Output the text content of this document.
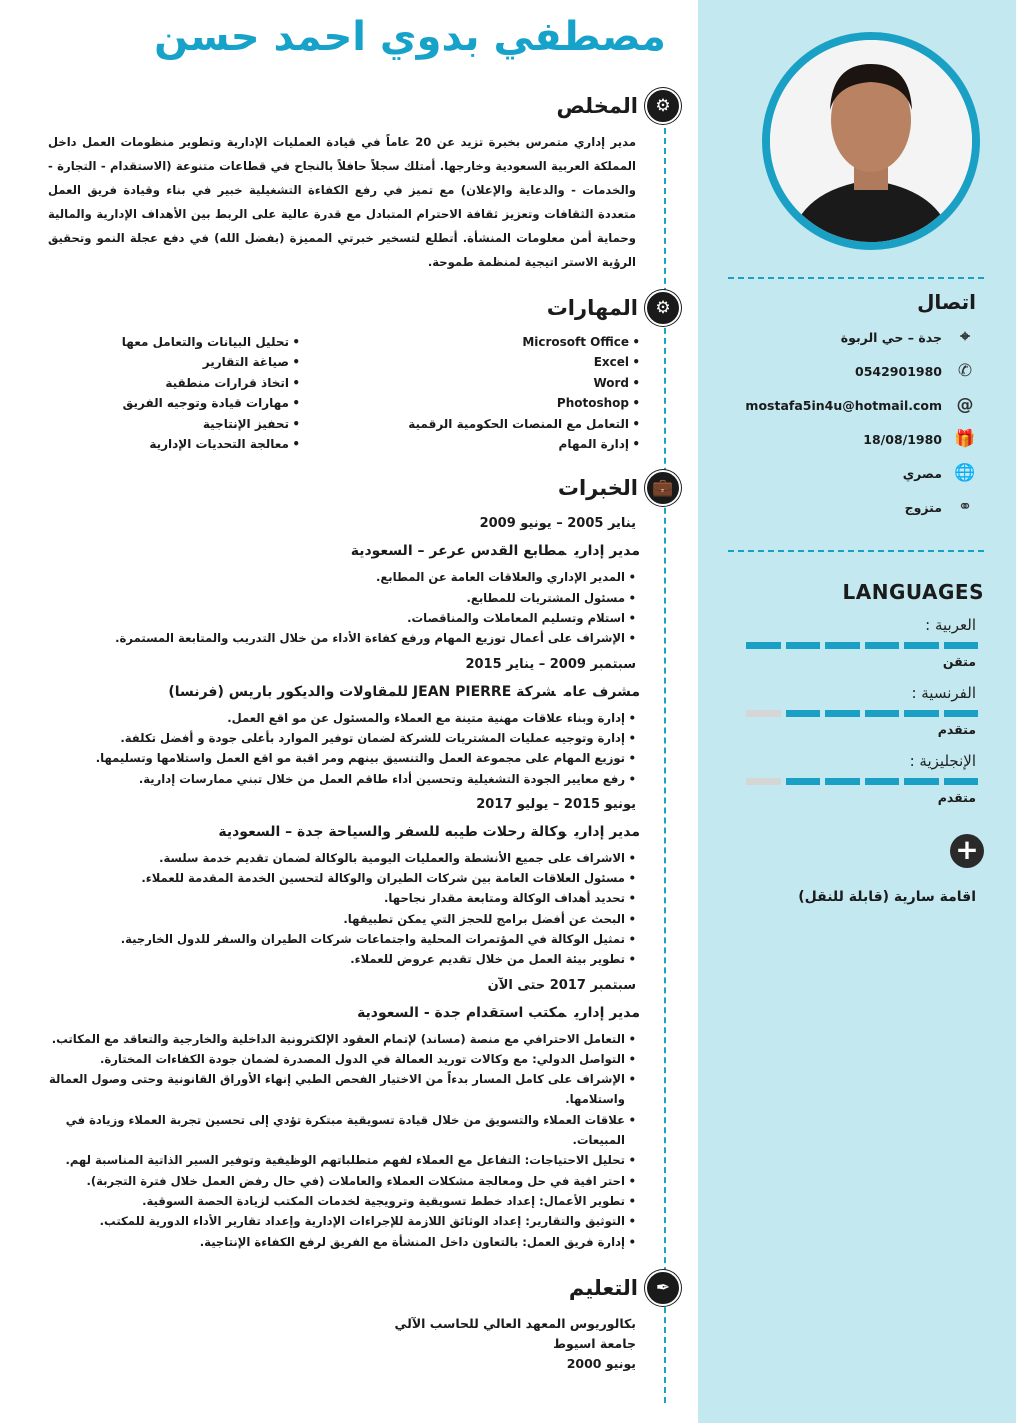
مصطفي بدوي احمد حسن
⚙
المخلص

مدير إداري متمرس بخبرة تزيد عن 20 عاماً في قيادة العمليات الإدارية وتطوير منظومات العمل داخل المملكة العربية السعودية وخارجها. أمتلك سجلاً حافلاً بالنجاح في قطاعات متنوعة (الاستقدام - التجارة - والخدمات - والدعاية والإعلان) مع تميز في رفع الكفاءة التشغيلية خبير في بناء وقيادة فريق العمل متعددة الثقافات وتعزيز ثقافة الاحترام المتبادل مع قدرة عالية على الربط بين الأهداف الإدارية والمالية وحماية أمن معلومات المنشأة. أتطلع لتسخير خبرتي المميزة (بفضل الله) في دفع عجلة النمو وتحقيق الرؤية الاستر اتيجية لمنظمة طموحة.

⚙
المهارات
• Microsoft Office
• Excel
• Word
• Photoshop
• التعامل مع المنصات الحكومية الرقمية
• إدارة المهام
• تحليل البيانات والتعامل معها
• صياغة التقارير
• اتخاذ قرارات منطقية
• مهارات قيادة وتوجيه الفريق
• تحفيز الإنتاجية
• معالجة التحديات الإدارية
💼
الخبرات
يناير 2005 – يونيو 2009
مدير إداريمطابع القدس عرعر – السعودية
• المدير الإداري والعلاقات العامة عن المطابع.
• مسئول المشتريات للمطابع.
• استلام وتسليم المعاملات والمناقصات.
• الإشراف على أعمال توزيع المهام ورفع كفاءة الأداء من خلال التدريب والمتابعة المستمرة.
سبتمبر 2009 – يناير 2015
مشرف عامشركة JEAN PIERRE للمقاولات والديكور باريس (فرنسا)
• إدارة وبناء علاقات مهنية متينة مع العملاء والمسئول عن مو اقع العمل.
• إدارة وتوجيه عمليات المشتريات للشركة لضمان توفير الموارد بأعلى جودة و أفضل تكلفة.
• توزيع المهام على مجموعة العمل والتنسيق بينهم ومر اقبة مو اقع العمل واستلامها وتسليمها.
• رفع معايير الجودة التشغيلية وتحسين أداء طاقم العمل من خلال تبني ممارسات إدارية.
يونيو 2015 – يوليو 2017
مدير إداريوكالة رحلات طيبه للسفر والسياحة جدة – السعودية
• الاشراف على جميع الأنشطة والعمليات اليومية بالوكالة لضمان تقديم خدمة سلسة.
• مسئول العلاقات العامة بين شركات الطيران والوكالة لتحسين الخدمة المقدمة للعملاء.
• تحديد أهداف الوكالة ومتابعة مقدار نجاحها.
• البحث عن أفضل برامج للحجز التي يمكن تطبيقها.
• تمثيل الوكالة في المؤتمرات المحلية واجتماعات شركات الطيران والسفر للدول الخارجية.
• تطوير بيئة العمل من خلال تقديم عروض للعملاء.
سبتمبر 2017 حتى الآن
مدير إداريمكتب استقدام جدة - السعودية
• التعامل الاحترافي مع منصة (مساند) لإتمام العقود الإلكترونية الداخلية والخارجية والتعاقد مع المكاتب.
• التواصل الدولي: مع وكالات توريد العمالة في الدول المصدرة لضمان جودة الكفاءات المختارة.
• الإشراف على كامل المسار بدءاً من الاختيار الفحص الطبي إنهاء الأوراق القانونية وحتى وصول العمالة واستلامها.
• علاقات العملاء والتسويق من خلال قيادة تسويقية مبتكرة تؤدي إلى تحسين تجربة العملاء وزيادة في المبيعات.
• تحليل الاحتياجات: التفاعل مع العملاء لفهم متطلباتهم الوظيفية وتوفير السير الذاتية المناسبة لهم.
• احتر افية في حل ومعالجة مشكلات العملاء والعاملات (في حال رفض العمل خلال فترة التجربة).
• تطوير الأعمال: إعداد خطط تسويقية وترويجية لخدمات المكتب لزيادة الحصة السوقية.
• التوثيق والتقارير: إعداد الوثائق اللازمة للإجراءات الإدارية وإعداد تقارير الأداء الدورية للمكتب.
• إدارة فريق العمل: بالتعاون داخل المنشأة مع الفريق لرفع الكفاءة الإنتاجية.
✒
التعليم
بكالوريوس المعهد العالي للحاسب الآلي
جامعة اسيوط
يونيو 2000
اتصال
⌖
جدة – حي الربوة
✆
0542901980
@
mostafa5in4u@hotmail.com
🎁
18/08/1980
🌐
مصري
⚭
متزوج
LANGUAGES
العربية :
متقن
الفرنسية :
متقدم
الإنجليزية :
متقدم
+
اقامة سارية (قابلة للنقل)
